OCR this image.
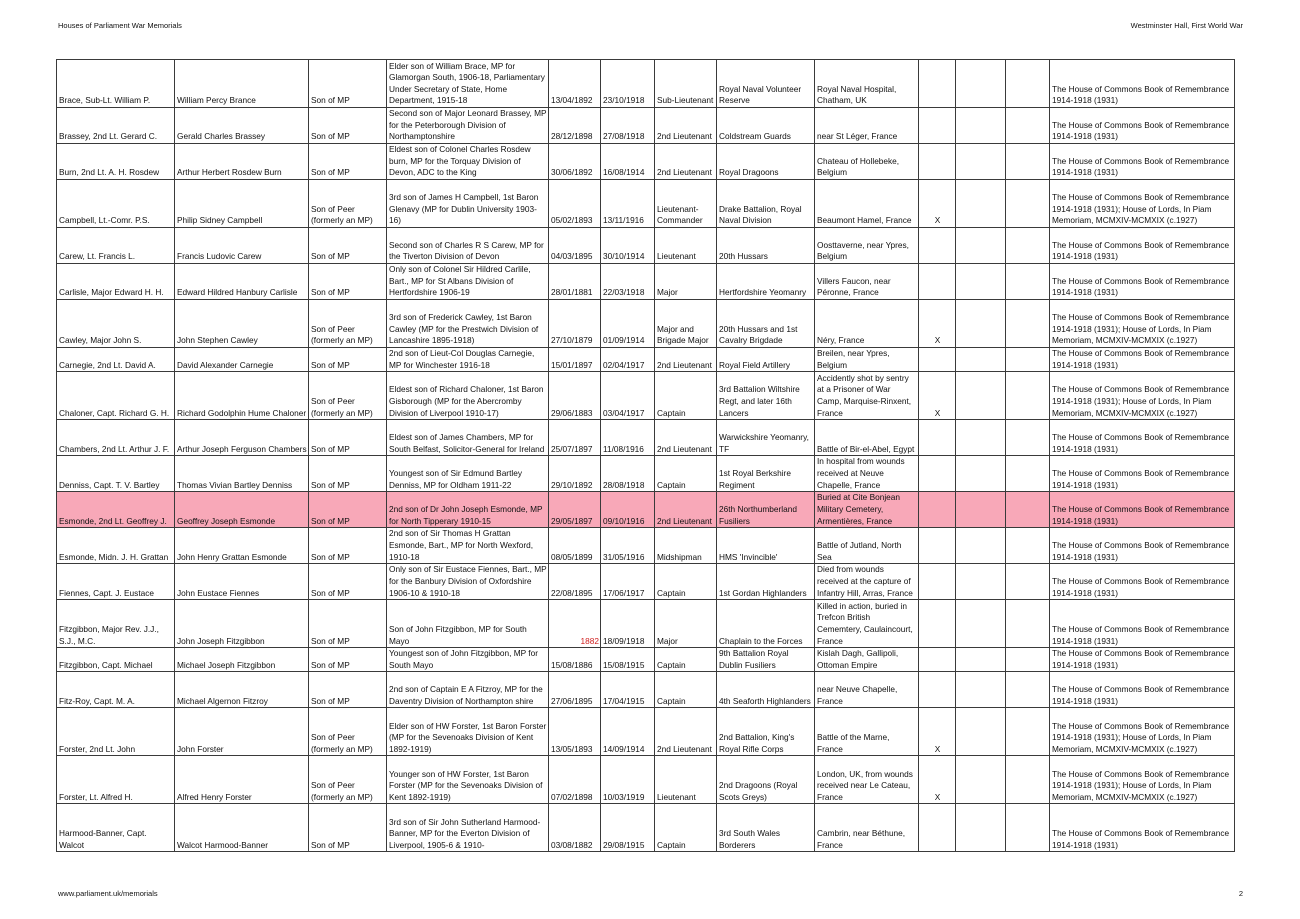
Houses of Parliament War Memorials	Westminster Hall, First World War
Brace, Sub-Lt. William P.	William Percy Brance	Son of MP	Elder son of William Brace, MP for Glamorgan South, 1906-18, Parliamentary Under Secretary of State, Home Department, 1915-18	13/04/1892	23/10/1918	Sub-Lieutenant	Royal Naval Volunteer Reserve	Royal Naval Hospital, Chatham, UK				The House of Commons Book of Remembrance 1914-1918 (1931)
Brassey, 2nd Lt. Gerard C.	Gerald Charles Brassey	Son of MP	Second son of Major Leonard Brassey, MP for the Peterborough Division of Northamptonshire	28/12/1898	27/08/1918	2nd Lieutenant	Coldstream Guards	near St Léger, France				The House of Commons Book of Remembrance 1914-1918 (1931)
Burn, 2nd Lt. A. H. Rosdew	Arthur Herbert Rosdew Burn	Son of MP	Eldest son of Colonel Charles Rosdew burn, MP for the Torquay Division of Devon, ADC to the King	30/06/1892	16/08/1914	2nd Lieutenant	Royal Dragoons	Chateau of Hollebeke, Belgium				The House of Commons Book of Remembrance 1914-1918 (1931)
Campbell, Lt.-Comr. P.S.	Philip Sidney Campbell	Son of Peer (formerly an MP)	3rd son of James H Campbell, 1st Baron Glenavy (MP for Dublin University 1903-16)	05/02/1893	13/11/1916	Lieutenant-Commander	Drake Battalion, Royal Naval Division	Beaumont Hamel, France	X			The House of Commons Book of Remembrance 1914-1918 (1931); House of Lords, In Piam Memoriam, MCMXIV-MCMXIX (c.1927)
Carew, Lt. Francis L.	Francis Ludovic Carew	Son of MP	Second son of Charles R S Carew, MP for the Tiverton Division of Devon	04/03/1895	30/10/1914	Lieutenant	20th Hussars	Oosttaverne, near Ypres, Belgium				The House of Commons Book of Remembrance 1914-1918 (1931)
Carlisle, Major Edward H. H.	Edward Hildred Hanbury Carlisle	Son of MP	Only son of Colonel Sir Hildred Carlile, Bart., MP for St Albans Division of Hertfordshire 1906-19	28/01/1881	22/03/1918	Major	Hertfordshire Yeomanry	Villers Faucon, near Péronne, France				The House of Commons Book of Remembrance 1914-1918 (1931)
Cawley, Major John S.	John Stephen Cawley	Son of Peer (formerly an MP)	3rd son of Frederick Cawley, 1st Baron Cawley (MP for the Prestwich Division of Lancashire 1895-1918)	27/10/1879	01/09/1914	Major and Brigade Major	20th Hussars and 1st Cavalry Brigdade	Néry, France	X			The House of Commons Book of Remembrance 1914-1918 (1931); House of Lords, In Piam Memoriam, MCMXIV-MCMXIX (c.1927)
Carnegie, 2nd Lt. David A.	David Alexander Carnegie	Son of MP	2nd son of Lieut-Col Douglas Carnegie, MP for Winchester 1916-18	15/01/1897	02/04/1917	2nd Lieutenant	Royal Field Artillery	Breilen, near Ypres, Belgium				The House of Commons Book of Remembrance 1914-1918 (1931)
Chaloner, Capt. Richard G. H.	Richard Godolphin Hume Chaloner	Son of Peer (formerly an MP)	Eldest son of Richard Chaloner, 1st Baron Gisborough (MP for the Abercromby Division of Liverpool 1910-17)	29/06/1883	03/04/1917	Captain	3rd Battalion Wiltshire Regt, and later 16th Lancers	Accidently shot by sentry at a Prisoner of War Camp, Marquise-Rinxent, France	X			The House of Commons Book of Remembrance 1914-1918 (1931); House of Lords, In Piam Memoriam, MCMXIV-MCMXIX (c.1927)
Chambers, 2nd Lt. Arthur J. F.	Arthur Joseph Ferguson Chambers	Son of MP	Eldest son of James Chambers, MP for South Belfast, Solicitor-General for Ireland	25/07/1897	11/08/1916	2nd Lieutenant	Warwickshire Yeomanry, TF	Battle of Bir-el-Abel, Egypt				The House of Commons Book of Remembrance 1914-1918 (1931)
Denniss, Capt. T. V. Bartley	Thomas Vivian Bartley Denniss	Son of MP	Youngest son of Sir Edmund Bartley Denniss, MP for Oldham 1911-22	29/10/1892	28/08/1918	Captain	1st Royal Berkshire Regiment	In hospital from wounds received at Neuve Chapelle, France				The House of Commons Book of Remembrance 1914-1918 (1931)
Esmonde, 2nd Lt. Geoffrey J.	Geoffrey Joseph Esmonde	Son of MP	2nd son of Dr John Joseph Esmonde, MP for North Tipperary 1910-15	29/05/1897	09/10/1916	2nd Lieutenant	26th Northumberland Fusiliers	Buried at Cite Bonjean Military Cemetery, Armentières, France				The House of Commons Book of Remembrance 1914-1918 (1931)
Esmonde, Midn. J. H. Grattan	John Henry Grattan Esmonde	Son of MP	2nd son of Sir Thomas H Grattan Esmonde, Bart., MP for North Wexford, 1910-18	08/05/1899	31/05/1916	Midshipman	HMS 'Invincible'	Battle of Jutland, North Sea				The House of Commons Book of Remembrance 1914-1918 (1931)
Fiennes, Capt. J. Eustace	John Eustace Fiennes	Son of MP	Only son of Sir Eustace Fiennes, Bart., MP for the Banbury Division of Oxfordshire 1906-10 & 1910-18	22/08/1895	17/06/1917	Captain	1st Gordan Highlanders	Died from wounds received at the capture of Infantry Hill, Arras, France				The House of Commons Book of Remembrance 1914-1918 (1931)
Fitzgibbon, Major Rev. J.J., S.J., M.C.	John Joseph Fitzgibbon	Son of MP	Son of John Fitzgibbon, MP for South Mayo	1882	18/09/1918	Major	Chaplain to the Forces	Killed in action, buried in Trefcon British Cememtery, Caulaincourt, France				The House of Commons Book of Remembrance 1914-1918 (1931)
Fitzgibbon, Capt. Michael	Michael Joseph Fitzgibbon	Son of MP	Youngest son of John Fitzgibbon, MP for South Mayo	15/08/1886	15/08/1915	Captain	9th Battalion Royal Dublin Fusiliers	Kislah Dagh, Gallipoli, Ottoman Empire				The House of Commons Book of Remembrance 1914-1918 (1931)
Fitz-Roy, Capt. M. A.	Michael Algernon Fitzroy	Son of MP	2nd son of Captain E A Fitzroy, MP for the Daventry Division of Northampton shire	27/06/1895	17/04/1915	Captain	4th Seaforth Highlanders	near Neuve Chapelle, France				The House of Commons Book of Remembrance 1914-1918 (1931)
Forster, 2nd Lt. John	John Forster	Son of Peer (formerly an MP)	Elder son of HW Forster, 1st Baron Forster (MP for the Sevenoaks Division of Kent 1892-1919)	13/05/1893	14/09/1914	2nd Lieutenant	2nd Battalion, King's Royal Rifle Corps	Battle of the Marne, France	X			The House of Commons Book of Remembrance 1914-1918 (1931); House of Lords, In Piam Memoriam, MCMXIV-MCMXIX (c.1927)
Forster, Lt. Alfred H.	Alfred Henry Forster	Son of Peer (formerly an MP)	Younger son of HW Forster, 1st Baron Forster (MP for the Sevenoaks Division of Kent 1892-1919)	07/02/1898	10/03/1919	Lieutenant	2nd Dragoons (Royal Scots Greys)	London, UK, from wounds received near Le Cateau, France	X			The House of Commons Book of Remembrance 1914-1918 (1931); House of Lords, In Piam Memoriam, MCMXIV-MCMXIX (c.1927)
Harmood-Banner, Capt. Walcot	Walcot Harmood-Banner	Son of MP	3rd son of Sir John Sutherland Harmood-Banner, MP for the Everton Division of Liverpool, 1905-6 & 1910-	03/08/1882	29/08/1915	Captain	3rd South Wales Borderers	Cambrin, near Béthune, France				The House of Commons Book of Remembrance 1914-1918 (1931)
www.parliament.uk/memorials	2
